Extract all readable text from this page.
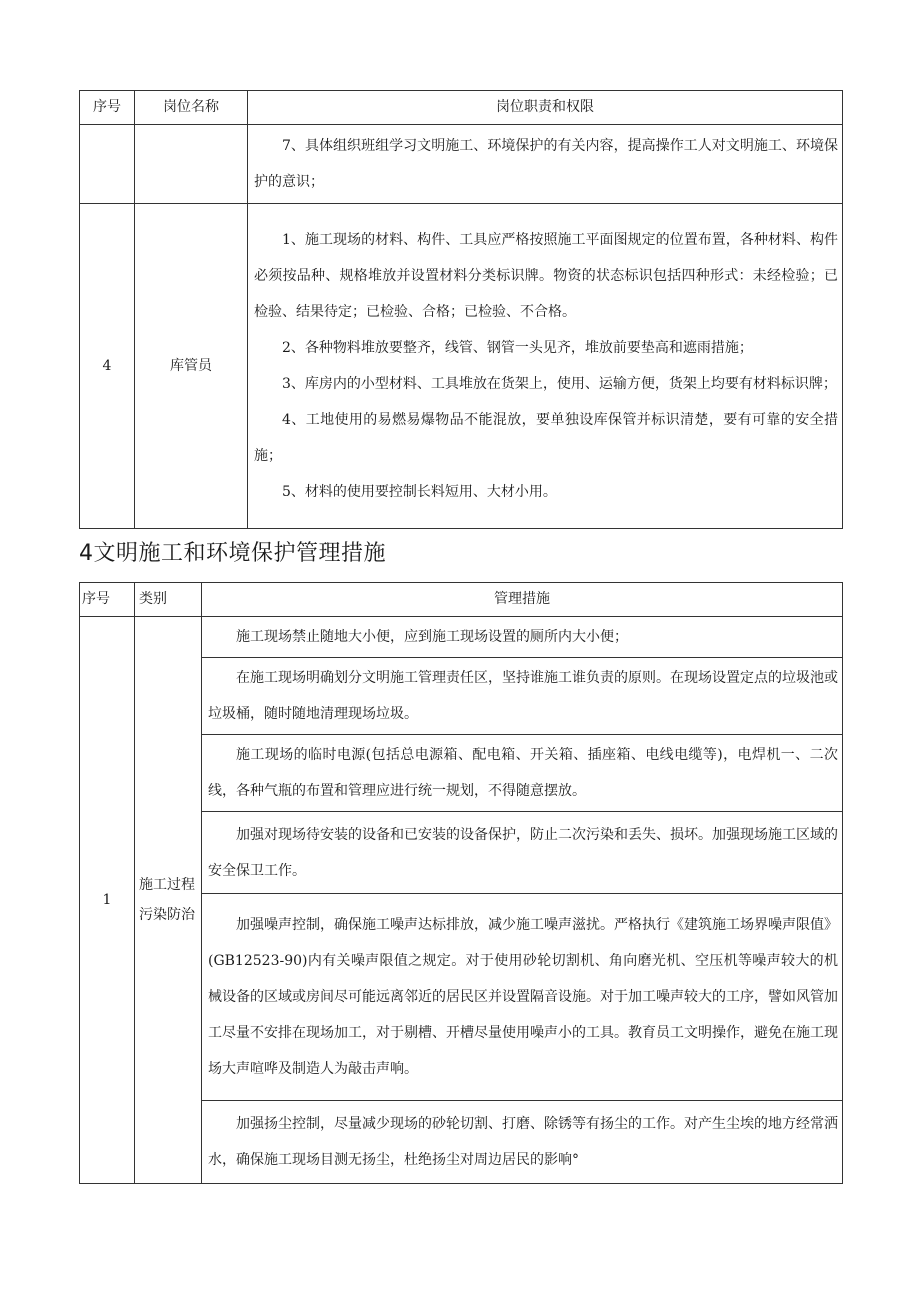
序号	岗位名称	岗位职责和权限

		7、具体组织班组学习文明施工、环境保护的有关内容，提高操作工人对文明施工、环境保护的意识；

4	库管员	1、施工现场的材料、构件、工具应严格按照施工平面图规定的位置布置，各种材料、构件必须按品种、规格堆放并设置材料分类标识牌。物资的状态标识包括四种形式：未经检验；已检验、结果待定；已检验、合格；已检验、不合格。

2、各种物料堆放要整齐，线管、钢管一头见齐，堆放前要垫高和遮雨措施；

3、库房内的小型材料、工具堆放在货架上，使用、运输方便，货架上均要有材料标识牌；

4、工地使用的易燃易爆物品不能混放，要单独设库保管并标识清楚，要有可靠的安全措施；

5、材料的使用要控制长料短用、大材小用。

4文明施工和环境保护管理措施
序号	类别	管理措施
1	施工过程污染防治	施工现场禁止随地大小便，应到施工现场设置的厕所内大小便；

		在施工现场明确划分文明施工管理责任区，坚持谁施工谁负责的原则。在现场设置定点的垃圾池或垃圾桶，随时随地清理现场垃圾。

		施工现场的临时电源(包括总电源箱、配电箱、开关箱、插座箱、电线电缆等)，电焊机一、二次线，各种气瓶的布置和管理应进行统一规划，不得随意摆放。

		加强对现场待安装的设备和已安装的设备保护，防止二次污染和丢失、损坏。加强现场施工区域的安全保卫工作。

		加强噪声控制，确保施工噪声达标排放，减少施工噪声滋扰。严格执行《建筑施工场界噪声限值》(GB12523-90)内有关噪声限值之规定。对于使用砂轮切割机、角向磨光机、空压机等噪声较大的机械设备的区域或房间尽可能远离邻近的居民区并设置隔音设施。对于加工噪声较大的工序，譬如风管加工尽量不安排在现场加工，对于剔槽、开槽尽量使用噪声小的工具。教育员工文明操作，避免在施工现场大声喧哗及制造人为敲击声响。

		加强扬尘控制，尽量减少现场的砂轮切割、打磨、除锈等有扬尘的工作。对产生尘埃的地方经常洒水，确保施工现场目测无扬尘，杜绝扬尘对周边居民的影响°
